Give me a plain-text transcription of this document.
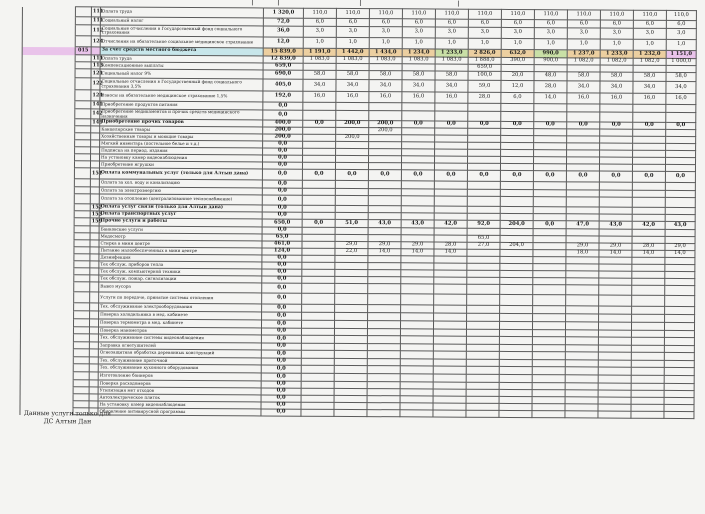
		111	Оплата труда	1 320,0	110,0	110,0	110,0	110,0	110,0	110,0	110,0	110,0	110,0	110,0	110,0	110,0
		111	Социальный налог	72,0	6,0	6,0	6,0	6,0	6,0	6,0	6,0	6,0	6,0	6,0	6,0	6,0
		112	Социальные отчисления в Государственный фонд социального страхования	36,0	3,0	3,0	3,0	3,0	3,0	3,0	3,0	3,0	3,0	3,0	3,0	3,0
		124	Отчисления на обязательное социальное медицинское страхование	12,0	1,0	1,0	1,0	1,0	1,0	1,0	1,0	1,0	1,0	1,0	1,0	1,0
	015		За счет средств местного бюджета	15 839,0	1 191,0	1 442,0	1 434,0	1 234,0	1 233,0	2 826,0	632,0	990,0	1 237,0	1 233,0	1 232,0	1 151,0
		111	Оплата труда	12 839,0	1 083,0	1 083,0	1 083,0	1 083,0	1 083,0	1 888,0	390,0	900,0	1 082,0	1 082,0	1 082,0	1 000,0
		113	Компенсационные выплаты	659,0						659,0						
		121	Социальный налог 9%	690,0	58,0	58,0	58,0	58,0	58,0	100,0	20,0	48,0	58,0	58,0	58,0	58,0
		122	Социальные отчисления в Государственный фонд социального страхования 3,5%	405,0	34,0	34,0	34,0	34,0	34,0	59,0	12,0	28,0	34,0	34,0	34,0	34,0
		124	Взносы на обязательное медицинское страхование 1,5%	192,0	16,0	16,0	16,0	16,0	16,0	28,0	6,0	14,0	16,0	16,0	16,0	16,0
		141	Приобретение продуктов питания	0,0												
		142	Приобретение медикаментов и прочих средств медицинского назначения	0,0												
		149	Приобретение прочих товаров	400,0	0,0	200,0	200,0	0,0	0,0	0,0	0,0	0,0	0,0	0,0	0,0	0,0
			Канцелярские товары	200,0			200,0									
			Хозяйственные товары и моющие товары	200,0		200,0										
			Мягкий инвентарь (постельное белье и т.д.)	0,0												
			Подписка на период. издания	0,0												
			На установку камер видеонаблюдения	0,0												
			Приобретение игрушки	0,0												
		151	Оплата коммунальных услуг (только для Алтын дана)	0,0	0,0	0,0	0,0	0,0	0,0	0,0	0,0	0,0	0,0	0,0	0,0	0,0
			Оплата за хол. воду и канализацию	0,0												
			Оплата за электроэнергию	0,0												
			Оплата за отопление (централизованное теплоснабжение)	0,0												
		152	Оплата услуг связи (только для Алтын дана)	0,0												
		153	Оплата транспортных услуг	0,0												
		159	Прочие услуги и работы	650,0	0,0	51,0	43,0	43,0	42,0	92,0	204,0	0,0	47,0	43,0	42,0	43,0
			Банковские услуги	0,0												
			Медосмотр	65,0						65,0						
			Стирка в мини центре	461,0		29,0	29,0	29,0	28,0	27,0	204,0		29,0	29,0	28,0	29,0
			Питание малообеспеченных в мини центре	124,0		22,0	14,0	14,0	14,0				18,0	14,0	14,0	14,0
			Дезинфекция	0,0												
			Тех обслуж. приборов тепла	0,0												
			Тех обслуж. компьютерной техники	0,0												
			Тех обслуж. пожар. сигнализации	0,0												
			Вывоз мусора	0,0												
			Услуги по передаче, принятие системы отопления	0,0												
			Тех. обслуживание электрооборудования	0,0												
			Поверка холодильника в мед. кабинете	0,0												
			Поверка термометра в мед. кабинете	0,0												
			Поверка манометров	0,0												
			Тех. обслуживание системы видеонаблюдения	0,0												
			Заправка огнетушителей	0,0												
			Огнезащитная обработка деревянных конструкций	0,0												
			Тех. обслуживание приточной	0,0												
			Тех. обслуживание кухонного оборудования	0,0												
			Изготовление баннеров	0,0												
			Поверка расходомеров	0,0												
			Утилизация мет отходов	0,0												
			Автоэлектрическое плиток	0,0												
			На установку камер видеонаблюдения	0,0												
			Обновление антивирусной программы	0,0												
Данные услуги только для ДС Алтын Дан
